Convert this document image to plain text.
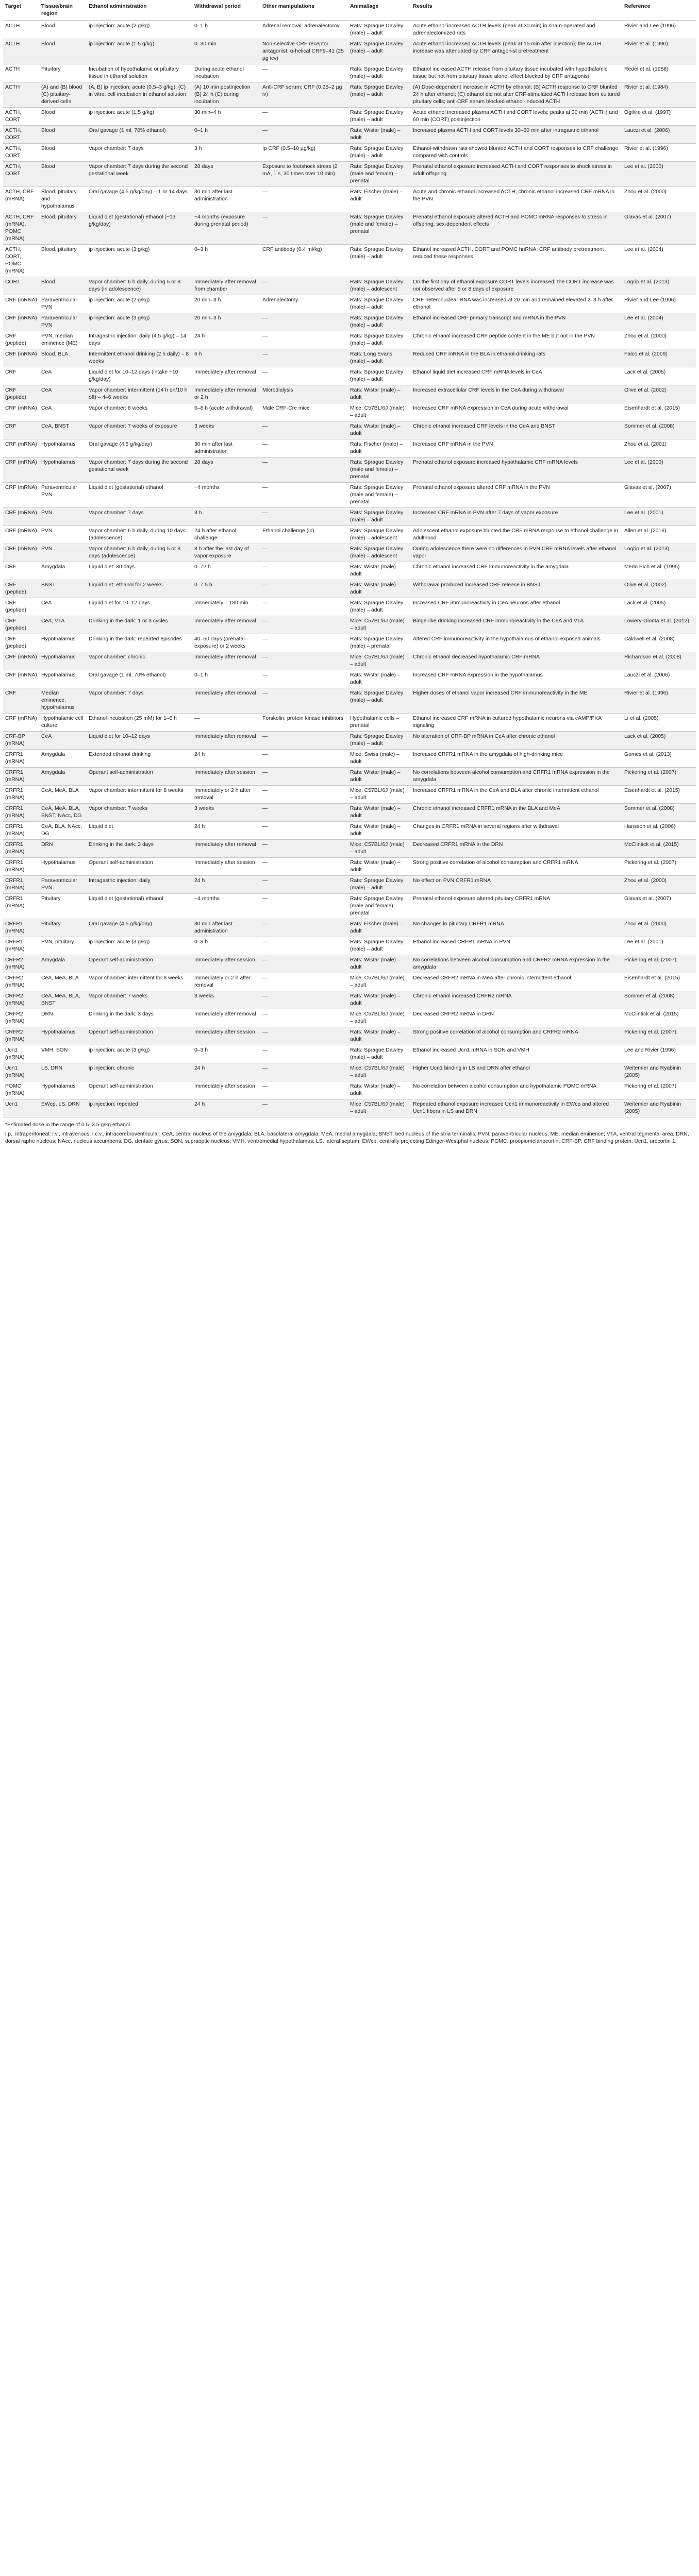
Target	Tissue/brain region	Ethanol administration	Withdrawal period	Other manipulations	Animal/age	Results	Reference
ACTH	Blood	ip injection: acute (2 g/kg)	0–1 h	Adrenal removal: adrenalectomy	Rats: Sprague Dawley (male) – adult	Acute ethanol increased ACTH levels (peak at 30 min) in sham-operated and adrenalectomized rats	Rivier and Lee (1996)
ACTH	Blood	ip injection: acute (1.5 g/kg)	0–30 min	Non-selective CRF receptor antagonist: α-helical CRF9–41 (25 µg icv)	Rats: Sprague Dawley (male) – adult	Acute ethanol increased ACTH levels (peak at 15 min after injection); the ACTH increase was attenuated by CRF antagonist pretreatment	Rivier et al. (1990)
ACTH	Pituitary	Incubation of hypothalamic or pituitary tissue in ethanol solution	During acute ethanol incubation	—	Rats: Sprague Dawley (male) – adult	Ethanol increased ACTH release from pituitary tissue incubated with hypothalamic tissue but not from pituitary tissue alone; effect blocked by CRF antagonist	Redei et al. (1988)
ACTH	(A) and (B) blood (C) pituitary-derived cells	(A, B) ip injection: acute (0.5–3 g/kg); (C) in vitro: cell incubation in ethanol solution	(A) 10 min postinjection (B) 24 h (C) during incubation	Anti-CRF serum; CRF (0.25–2 µg iv)	Rats: Sprague Dawley (male) – adult	(A) Dose-dependent increase in ACTH by ethanol; (B) ACTH response to CRF blunted 24 h after ethanol; (C) ethanol did not alter CRF-stimulated ACTH release from cultured pituitary cells; anti-CRF serum blocked ethanol-induced ACTH	Rivier et al. (1984)
ACTH, CORT	Blood	ip injection: acute (1.5 g/kg)	30 min–4 h	—	Rats: Sprague Dawley (male) – adult	Acute ethanol increased plasma ACTH and CORT levels; peaks at 30 min (ACTH) and 60 min (CORT) postinjection	Ogilvie et al. (1997)
ACTH, CORT	Blood	Oral gavage (1 ml, 70% ethanol)	0–1 h	—	Rats: Wistar (male) – adult	Increased plasma ACTH and CORT levels 30–60 min after intragastric ethanol	Lauczi et al. (2006)
ACTH, CORT	Blood	Vapor chamber: 7 days	3 h	Ip CRF (0.5–10 µg/kg)	Rats: Sprague Dawley (male) – adult	Ethanol-withdrawn rats showed blunted ACTH and CORT responses to CRF challenge compared with controls	Rivier et al. (1996)
ACTH, CORT	Blood	Vapor chamber: 7 days during the second gestational week	28 days	Exposure to footshock stress (2 mA, 1 s, 30 times over 10 min)	Rats: Sprague Dawley (male and female) – prenatal	Prenatal ethanol exposure increased ACTH and CORT responses to shock stress in adult offspring	Lee et al. (2000)
ACTH, CRF (mRNA)	Blood, pituitary, and hypothalamus	Oral gavage (4.5 g/kg/day) – 1 or 14 days	30 min after last administration	—	Rats: Fischer (male) – adult	Acute and chronic ethanol increased ACTH; chronic ethanol increased CRF mRNA in the PVN	Zhou et al. (2000)
ACTH, CRF (mRNA), POMC (mRNA)	Blood, pituitary	Liquid diet (gestational) ethanol (~13 g/kg/day)	~4 months (exposure during prenatal period)	—	Rats: Sprague Dawley (male and female) – prenatal	Prenatal ethanol exposure altered ACTH and POMC mRNA responses to stress in offspring; sex-dependent effects	Glavas et al. (2007)
ACTH, CORT, POMC (mRNA)	Blood, pituitary	ip injection: acute (3 g/kg)	0–3 h	CRF antibody (0.4 ml/kg)	Rats: Sprague Dawley (male) – adult	Ethanol increased ACTH, CORT and POMC hnRNA; CRF antibody pretreatment reduced these responses	Lee et al. (2004)
CORT	Blood	Vapor chamber: 6 h daily, during 5 or 8 days (in adolescence)	Immediately after removal from chamber	—	Rats: Sprague Dawley (male) – adolescent	On the first day of ethanol exposure CORT levels increased; the CORT increase was not observed after 5 or 8 days of exposure	Logrip et al. (2013)
CRF (mRNA)	Paraventricular PVN	ip injection: acute (2 g/kg)	20 min–3 h	Adrenalectomy	Rats: Sprague Dawley (male) – adult	CRF heteronuclear RNA was increased at 20 min and remained elevated 2–3 h after ethanol	Rivier and Lee (1996)
CRF (mRNA)	Paraventricular PVN	ip injection: acute (3 g/kg)	20 min–3 h	—	Rats: Sprague Dawley (male) – adult	Ethanol increased CRF primary transcript and mRNA in the PVN	Lee et al. (2004)
CRF (peptide)	PVN, median eminence (ME)	Intragastric injection: daily (4.5 g/kg) – 14 days	24 h	—	Rats: Sprague Dawley (male) – adult	Chronic ethanol increased CRF peptide content in the ME but not in the PVN	Zhou et al. (2000)
CRF (mRNA)	Blood, BLA	Intermittent ethanol drinking (2 h daily) – 8 weeks	6 h	—	Rats: Long Evans (male) – adult	Reduced CRF mRNA in the BLA in ethanol-drinking rats	Falco et al. (2009)
CRF	CeA	Liquid diet for 10–12 days (intake ~10 g/kg/day)	Immediately after removal	—	Rats: Sprague Dawley (male) – adult	Ethanol liquid diet increased CRF mRNA levels in CeA	Lack et al. (2005)
CRF (peptide)	CeA	Vapor chamber: intermittent (14 h on/10 h off) – 4–6 weeks	Immediately after removal or 2 h	Microdialysis	Rats: Wistar (male) – adult	Increased extracellular CRF levels in the CeA during withdrawal	Olive et al. (2002)
CRF (mRNA)	CeA	Vapor chamber: 8 weeks	6–8 h (acute withdrawal)	Male CRF-Cre mice	Mice: C57BL/6J (male) – adult	Increased CRF mRNA expression in CeA during acute withdrawal	Eisenhardt et al. (2015)
CRF	CeA, BNST	Vapor chamber: 7 weeks of exposure	3 weeks	—	Rats: Wistar (male) – adult	Chronic ethanol increased CRF levels in the CeA and BNST	Sommer et al. (2008)
CRF (mRNA)	Hypothalamus	Oral gavage (4.5 g/kg/day)	30 min after last administration	—	Rats: Fischer (male) – adult	Increased CRF mRNA in the PVN	Zhou et al. (2001)
CRF (mRNA)	Hypothalamus	Vapor chamber: 7 days during the second gestational week	28 days	—	Rats: Sprague Dawley (male and female) – prenatal	Prenatal ethanol exposure increased hypothalamic CRF mRNA levels	Lee et al. (2000)
CRF (mRNA)	Paraventricular PVN	Liquid diet (gestational) ethanol	~4 months	—	Rats: Sprague Dawley (male and female) – prenatal	Prenatal ethanol exposure altered CRF mRNA in the PVN	Glavas et al. (2007)
CRF (mRNA)	PVN	Vapor chamber: 7 days	3 h	—	Rats: Sprague Dawley (male) – adult	Increased CRF mRNA in PVN after 7 days of vapor exposure	Lee et al. (2001)
CRF (mRNA)	PVN	Vapor chamber: 6 h daily, during 10 days (adolescence)	24 h after ethanol challenge	Ethanol challenge (ip)	Rats: Sprague Dawley (male) – adolescent	Adolescent ethanol exposure blunted the CRF mRNA response to ethanol challenge in adulthood	Allen et al. (2016)
CRF (mRNA)	PVN	Vapor chamber: 6 h daily, during 5 or 8 days (adolescence)	8 h after the last day of vapor exposure	—	Rats: Sprague Dawley (male) – adolescent	During adolescence there were no differences in PVN CRF mRNA levels after ethanol vapor	Logrip et al. (2013)
CRF	Amygdala	Liquid diet: 30 days	0–72 h	—	Rats: Wistar (male) – adult	Chronic ethanol increased CRF immunoreactivity in the amygdala	Merlo Pich et al. (1995)
CRF (peptide)	BNST	Liquid diet: ethanol for 2 weeks	0–7.5 h	—	Rats: Wistar (male) – adult	Withdrawal produced increased CRF release in BNST	Olive et al. (2002)
CRF (peptide)	CeA	Liquid diet for 10–12 days	Immediately – 180 min	—	Rats: Sprague Dawley (male) – adult	Increased CRF immunoreactivity in CeA neurons after ethanol	Lack et al. (2005)
CRF (peptide)	CeA, VTA	Drinking in the dark: 1 or 3 cycles	Immediately after removal	—	Mice: C57BL/6J (male) – adult	Binge-like drinking increased CRF immunoreactivity in the CeA and VTA	Lowery-Gionta et al. (2012)
CRF (peptide)	Hypothalamus	Drinking in the dark: repeated episodes	40–50 days (prenatal exposure) or 2 weeks	—	Rats: Sprague Dawley (male) – prenatal	Altered CRF immunoreactivity in the hypothalamus of ethanol-exposed animals	Caldwell et al. (2008)
CRF (mRNA)	Hypothalamus	Vapor chamber: chronic	Immediately after removal	—	Mice: C57BL/6J (male) – adult	Chronic ethanol decreased hypothalamic CRF mRNA	Richardson et al. (2008)
CRF (mRNA)	Hypothalamus	Oral gavage (1 ml, 70% ethanol)	0–1 h	—	Rats: Wistar (male) – adult	Increased CRF mRNA expression in the hypothalamus	Lauczi et al. (2006)
CRF	Median eminence, hypothalamus	Vapor chamber: 7 days	Immediately after removal	—	Rats: Sprague Dawley (male) – adult	Higher doses of ethanol vapor increased CRF immunoreactivity in the ME	Rivier et al. (1996)
CRF (mRNA)	Hypothalamic cell culture	Ethanol incubation (25 mM) for 1–6 h	—	Forskolin; protein kinase inhibitors	Hypothalamic cells – prenatal	Ethanol increased CRF mRNA in cultured hypothalamic neurons via cAMP/PKA signaling	Li et al. (2005)
CRF-BP (mRNA)	CeA	Liquid diet for 10–12 days	Immediately after removal	—	Rats: Sprague Dawley (male) – adult	No alteration of CRF-BP mRNA in CeA after chronic ethanol	Lack et al. (2005)
CRFR1 (mRNA)	Amygdala	Extended ethanol drinking	24 h	—	Mice: Swiss (male) – adult	Increased CRFR1 mRNA in the amygdala of high-drinking mice	Gomes et al. (2013)
CRFR1 (mRNA)	Amygdala	Operant self-administration	Immediately after session	—	Rats: Wistar (male) – adult	No correlations between alcohol consumption and CRFR1 mRNA expression in the amygdala	Pickering et al. (2007)
CRFR1 (mRNA)	CeA, MeA, BLA	Vapor chamber: intermittent for 8 weeks	Immediately or 2 h after removal	—	Mice: C57BL/6J (male) – adult	Increased CRFR1 mRNA in the CeA and BLA after chronic intermittent ethanol	Eisenhardt et al. (2015)
CRFR1 (mRNA)	CeA, MeA, BLA, BNST, NAcc, DG	Vapor chamber: 7 weeks	3 weeks	—	Rats: Wistar (male) – adult	Chronic ethanol increased CRFR1 mRNA in the BLA and MeA	Sommer et al. (2008)
CRFR1 (mRNA)	CeA, BLA, NAcc, DG	Liquid diet	24 h	—	Rats: Wistar (male) – adult	Changes in CRFR1 mRNA in several regions after withdrawal	Hansson et al. (2006)
CRFR1 (mRNA)	DRN	Drinking in the dark: 3 days	Immediately after removal	—	Mice: C57BL/6J (male) – adult	Decreased CRFR1 mRNA in the DRN	McClintick et al. (2015)
CRFR1 (mRNA)	Hypothalamus	Operant self-administration	Immediately after session	—	Rats: Wistar (male) – adult	Strong positive correlation of alcohol consumption and CRFR1 mRNA	Pickering et al. (2007)
CRFR1 (mRNA)	Paraventricular PVN	Intragastric injection: daily	24 h	—	Rats: Sprague Dawley (male) – adult	No effect on PVN CRFR1 mRNA	Zhou et al. (2000)
CRFR1 (mRNA)	Pituitary	Liquid diet (gestational) ethanol	~4 months	—	Rats: Sprague Dawley (male and female) – prenatal	Prenatal ethanol exposure altered pituitary CRFR1 mRNA	Glavas et al. (2007)
CRFR1 (mRNA)	Pituitary	Oral gavage (4.5 g/kg/day)	30 min after last administration	—	Rats: Fischer (male) – adult	No changes in pituitary CRFR1 mRNA	Zhou et al. (2000)
CRFR1 (mRNA)	PVN, pituitary	ip injection: acute (3 g/kg)	0–3 h	—	Rats: Sprague Dawley (male) – adult	Ethanol increased CRFR1 mRNA in PVN	Lee et al. (2001)
CRFR2 (mRNA)	Amygdala	Operant self-administration	Immediately after session	—	Rats: Wistar (male) – adult	No correlations between alcohol consumption and CRFR2 mRNA expression in the amygdala	Pickering et al. (2007)
CRFR2 (mRNA)	CeA, MeA, BLA	Vapor chamber: intermittent for 8 weeks	Immediately or 2 h after removal	—	Mice: C57BL/6J (male) – adult	Decreased CRFR2 mRNA in MeA after chronic intermittent ethanol	Eisenhardt et al. (2015)
CRFR2 (mRNA)	CeA, MeA, BLA, BNST	Vapor chamber: 7 weeks	3 weeks	—	Rats: Wistar (male) – adult	Chronic ethanol increased CRFR2 mRNA	Sommer et al. (2008)
CRFR2 (mRNA)	DRN	Drinking in the dark: 3 days	Immediately after removal	—	Mice: C57BL/6J (male) – adult	Decreased CRFR2 mRNA in DRN	McClintick et al. (2015)
CRFR2 (mRNA)	Hypothalamus	Operant self-administration	Immediately after session	—	Rats: Wistar (male) – adult	Strong positive correlation of alcohol consumption and CRFR2 mRNA	Pickering et al. (2007)
Ucn1 (mRNA)	VMH, SON	ip injection: acute (3 g/kg)	0–3 h	—	Rats: Sprague Dawley (male) – adult	Ethanol increased Ucn1 mRNA in SON and VMH	Lee and Rivier (1996)
Ucn1 (mRNA)	LS, DRN	ip injection: chronic	24 h	—	Mice: C57BL/6J (male) – adult	Higher Ucn1 binding in LS and DRN after ethanol	Weitemier and Ryabinin (2005)
POMC (mRNA)	Hypothalamus	Operant self-administration	Immediately after session	—	Rats: Wistar (male) – adult	No correlation between alcohol consumption and hypothalamic POMC mRNA	Pickering et al. (2007)
Ucn1	EWcp, LS, DRN	ip injection: repeated	24 h	—	Mice: C57BL/6J (male) – adult	Repeated ethanol exposure increased Ucn1 immunoreactivity in EWcp and altered Ucn1 fibers in LS and DRN	Weitemier and Ryabinin (2005)

*Estimated dose in the range of 0.5–3.5 g/kg ethanol.

i.p., intraperitoneal; i.v., intravenous; i.c.v., intracerebroventricular; CeA, central nucleus of the amygdala; BLA, basolateral amygdala; MeA, medial amygdala; BNST, bed nucleus of the stria terminalis; PVN, paraventricular nucleus; ME, median eminence; VTA, ventral tegmental area; DRN, dorsal raphe nucleus; NAcc, nucleus accumbens; DG, dentate gyrus; SON, supraoptic nucleus; VMH, ventromedial hypothalamus; LS, lateral septum; EWcp, centrally projecting Edinger-Westphal nucleus; POMC, proopiomelanocortin; CRF-BP, CRF binding protein; Ucn1, urocortin 1.
